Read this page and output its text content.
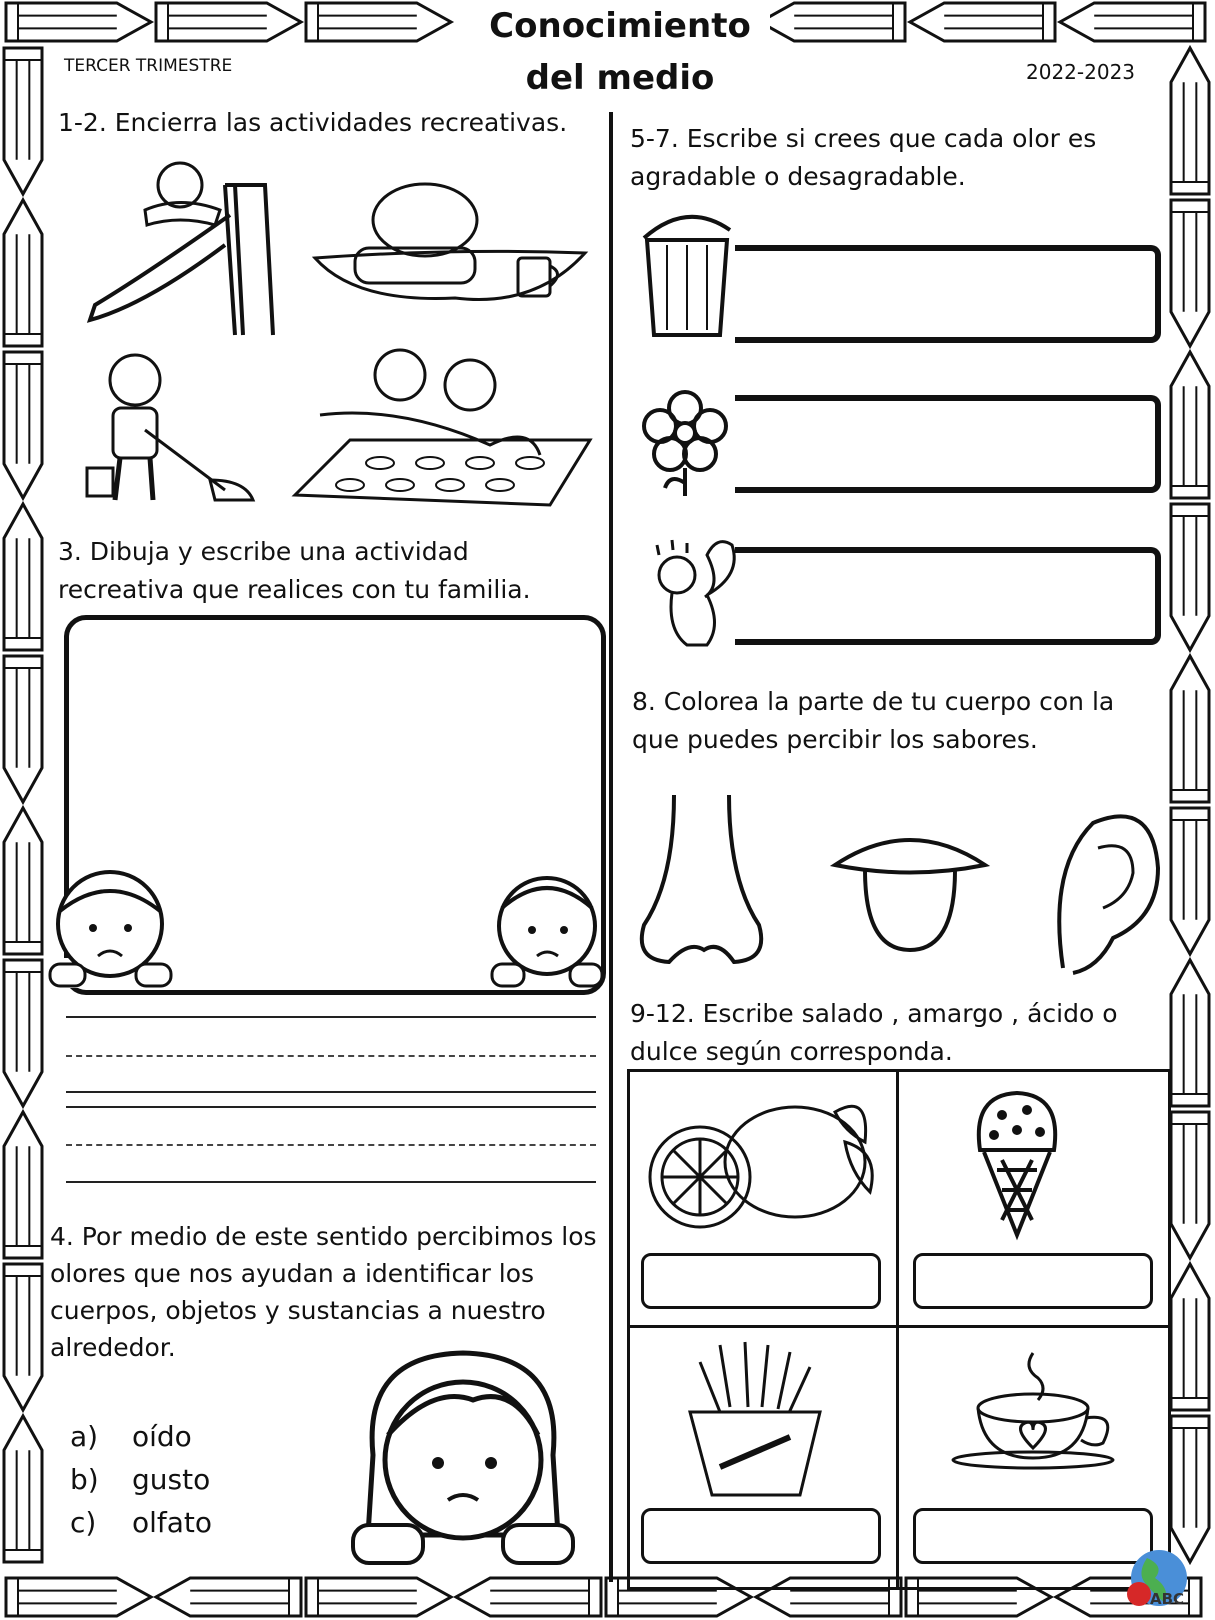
Conocimiento
del medio
TERCER TRIMESTRE	2022-2023
1-2. Encierra las actividades recreativas.
3. Dibuja y escribe una actividad
recreativa que realices con tu familia.
4. Por medio de este sentido percibimos los
olores que nos ayudan a identificar los
cuerpos, objetos y sustancias a nuestro
alrededor.
a) oído
b) gusto
c) olfato
5-7. Escribe si crees que cada olor es
agradable o desagradable.
8. Colorea la parte de tu cuerpo con la
que puedes percibir los sabores.
9-12. Escribe salado , amargo , ácido o
dulce según corresponda.
ABC
